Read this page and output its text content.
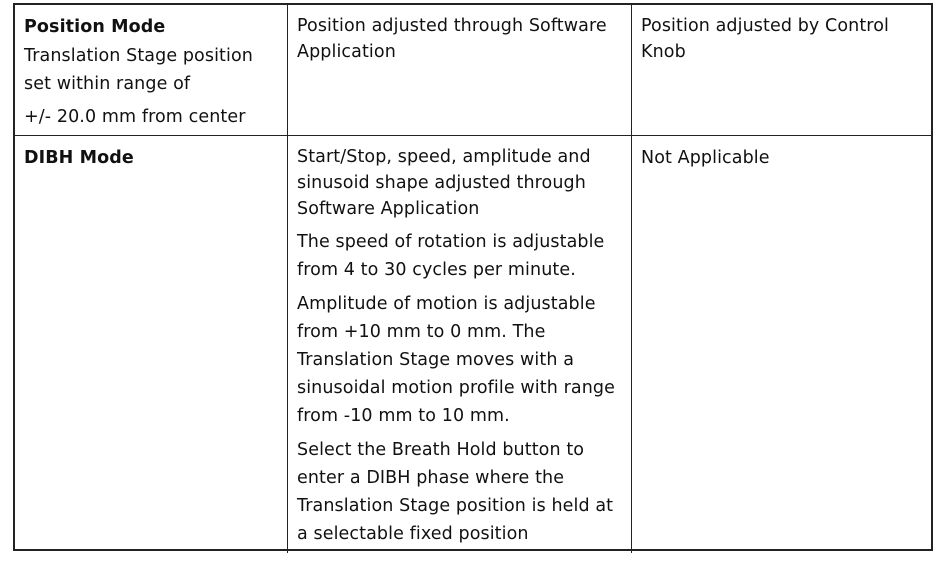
Position Mode
Translation Stage position
set within range of
+/- 20.0 mm from center
Position adjusted through Software Application
Position adjusted by Control Knob
DIBH Mode	Start/Stop, speed, amplitude and sinusoid shape adjusted through Software Application
The speed of rotation is adjustable from 4 to 30 cycles per minute.
Amplitude of motion is adjustable from +10 mm to 0 mm. The Translation Stage moves with a sinusoidal motion profile with range from -10 mm to 10 mm.
Select the Breath Hold button to enter a DIBH phase where the Translation Stage position is held at a selectable fixed position
Not Applicable
